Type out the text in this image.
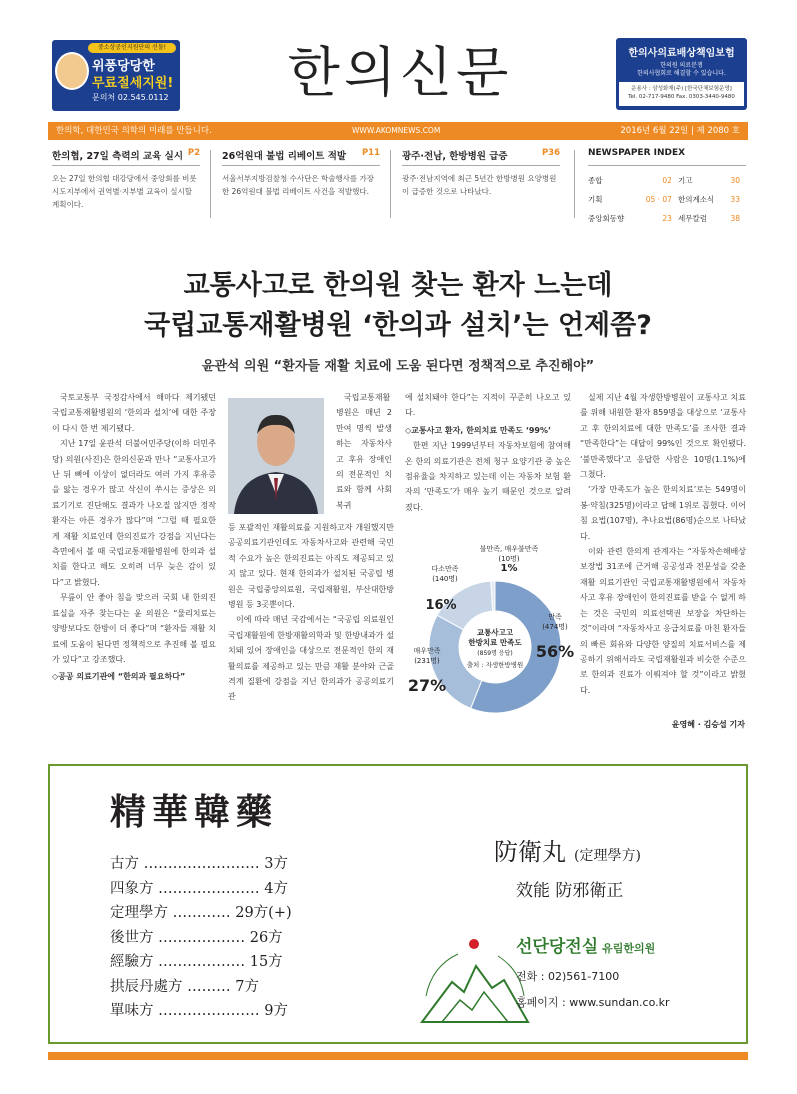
중소상공인지원단의 선물!
위풍당당한
무료절세지원!
문의처 02.545.0112	한의신문	한의사의료배상책임보험
한의원 의료분쟁
한의사협회로 해결할 수 있습니다.
운용사 : 삼성화재(주) [한국단체보험운영]
Tel. 02-717-9480 Fax. 0303-3440-9480
한의학, 대한민국 의학의 미래를 만듭니다.	WWW.AKOMNEWS.COM	2016년 6월 22일 | 제 2080 호
한의협, 27일 측력의 교육 실시 P2
오는 27일 한의협 대강당에서 중앙회를 비롯 시도지부에서 권역별·지부별 교육이 실시할 계획이다.
26억원대 불법 리베이트 적발 P11
서울서부지방검찰청 수사단은 학술행사를 가장한 26억원대 불법 리베이트 사건을 적발했다.
광주·전남, 한방병원 급증	P36
광주·전남지역에 최근 5년간 한방병원 요양병원이 급증한 것으로 나타났다.
NEWSPAPER INDEX
종합	02	기고	30
기획	05 · 07	한의계소식	33
중앙회동향	23	세무칼럼	38
교통사고로 한의원 찾는 환자 느는데
국립교통재활병원 ‘한의과 설치’는 언제쯤?
윤관석 의원 “환자들 재활 치료에 도움 된다면 정책적으로 추진해야”

국토교통부 국정감사에서 해마다 제기됐던 국립교통재활병원의 ‘한의과 설치’에 대한 주장이 다시 한 번 제기됐다.

지난 17일 윤관석 더불어민주당(이하 더민주당) 의원(사진)은 한의신문과 만나 “교통사고가 난 뒤 뼈에 이상이 없더라도 여러 가지 후유증을 앓는 경우가 많고 삭신이 쑤시는 증상은 의료기기로 진단해도 결과가 나오질 않지만 정작 환자는 아픈 경우가 많다”며 “그럴 때 필요한 게 재활 치료인데 한의진료가 강점을 지닌다는 측면에서 볼 때 국립교통재활병원에 한의과 설치를 한다고 해도 오히려 너무 늦은 감이 있다”고 밝혔다.

무릎이 안 좋아 침을 맞으러 국회 내 한의진료실을 자주 찾는다는 윤 의원은 “물리치료는 양방보다도 한방이 더 좋다”며 “환자들 재활 치료에 도움이 된다면 정책적으로 추진해 볼 필요가 있다”고 강조했다.

◇공공 의료기관에 “한의과 필요하다”

국립교통재활병원은 매년 2만여 명씩 발생하는 자동차사고 후유 장애인의 전문적인 치료와 함께 사회복귀

등 포괄적인 재활의료를 지원하고자 개원했지만 공공의료기관인데도 자동차사고와 관련해 국민적 수요가 높은 한의진료는 아직도 제공되고 있지 않고 있다. 현재 한의과가 설치된 국공립 병원은 국립중앙의료원, 국립재활원, 부산대한방병원 등 3곳뿐이다.

이에 따라 매년 국감에서는 “국공립 의료원인 국립재활원에 한방재활의학과 및 한방내과가 설치돼 있어 장애인을 대상으로 전문적인 한의 재활의료를 제공하고 있는 만큼 재활 분야와 근골격계 질환에 강점을 지닌 한의과가 공공의료기관

에 설치돼야 한다”는 지적이 꾸준히 나오고 있다.

◇교통사고 환자, 한의치료 만족도 ‘99%’

한편 지난 1999년부터 자동차보험에 참여해 온 한의 의료기관은 전체 청구 요양기관 중 높은 점유율을 차지하고 있는데 이는 자동차 보험 환자의 ‘만족도’가 매우 높기 때문인 것으로 알려졌다.

만족
(474명)
56%
매우만족
(231명)
27%
다소만족
(140명)
16%
불만족, 매우불만족
(10명)
1%
교통사고고
한방치료 만족도
(859명 응답)
출처 : 자생한방병원

실제 지난 4월 자생한방병원이 교통사고 치료를 위해 내원한 환자 859명을 대상으로 ‘교통사고 후 한의치료에 대한 만족도’를 조사한 결과 “만족한다”는 대답이 99%인 것으로 확인됐다. ‘불만족했다’고 응답한 사람은 10명(1.1%)에 그쳤다.

‘가장 만족도가 높은 한의치료’로는 549명이 봉·약침(325명)이라고 답해 1위로 꼽혔다. 이어 침 요법(107명), 추나요법(86명)순으로 나타났다.

이와 관련 한의계 관계자는 “자동차손해배상보장법 31조에 근거해 공공성과 전문성을 갖춘 재활 의료기관인 국립교통재활병원에서 자동차사고 후유 장애인이 한의진료를 받을 수 없게 하는 것은 국민의 의료선택권 보장을 차단하는 것”이라며 “자동차사고 응급치료를 마친 환자들의 빠른 회유와 다양한 양질의 치료서비스를 제공하기 위해서라도 국립재활원과 비슷한 수준으로 한의과 진료가 이뤄져야 할 것”이라고 밝혔다.

윤영혜 · 김승섭 기자
精華韓藥
古方 …………………… 3方
四象方 ………………… 4方
定理學方 ………… 29方(+)
後世方 ……………… 26方
經驗方 ……………… 15方
拱辰丹處方 ……… 7方
單味方 ………………… 9方
防衛丸 (定理學方)
效能 防邪衛正
선단당전실 유림한의원
전화 : 02)561-7100
홈페이지 : www.sundan.co.kr
